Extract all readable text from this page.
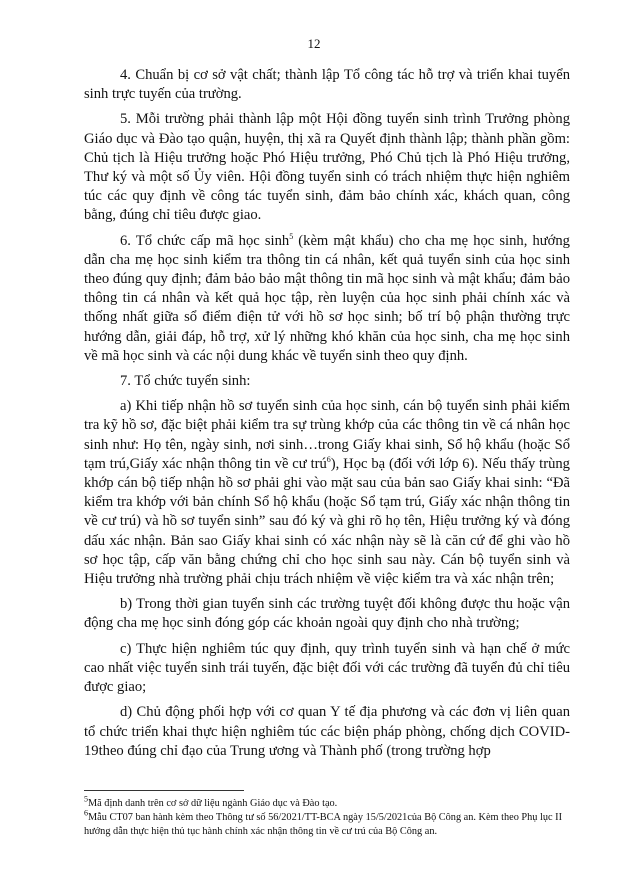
12

4. Chuẩn bị cơ sở vật chất; thành lập Tổ công tác hỗ trợ và triển khai tuyển sinh trực tuyến của trường.

5. Mỗi trường phải thành lập một Hội đồng tuyển sinh trình Trưởng phòng Giáo dục và Đào tạo quận, huyện, thị xã ra Quyết định thành lập; thành phần gồm: Chủ tịch là Hiệu trưởng hoặc Phó Hiệu trưởng, Phó Chủ tịch là Phó Hiệu trưởng, Thư ký và một số Ủy viên. Hội đồng tuyển sinh có trách nhiệm thực hiện nghiêm túc các quy định về công tác tuyển sinh, đảm bảo chính xác, khách quan, công bằng, đúng chỉ tiêu được giao.

6. Tổ chức cấp mã học $\sinh^5$ (kèm mật khẩu) cho cha mẹ học sinh, hướng dẫn cha mẹ học sinh kiểm tra thông tin cá nhân, kết quả tuyển sinh của học sinh theo đúng quy định; đảm bảo bảo mật thông tin mã học sinh và mật khẩu; đảm bảo thông tin cá nhân và kết quả học tập, rèn luyện của học sinh phải chính xác và thống nhất giữa sổ điểm điện tử với hồ sơ học sinh; bố trí bộ phận thường trực hướng dẫn, giải đáp, hỗ trợ, xử lý những khó khăn của học sinh, cha mẹ học sinh về mã học sinh và các nội dung khác về tuyển sinh theo quy định.

7. Tổ chức tuyển sinh:

a) Khi tiếp nhận hồ sơ tuyển sinh của học sinh, cán bộ tuyển sinh phải kiểm tra kỹ hồ sơ, đặc biệt phải kiểm tra sự trùng khớp của các thông tin về cá nhân học sinh như: Họ tên, ngày sinh, nơi sinh…trong Giấy khai sinh, Sổ hộ khẩu (hoặc Sổ tạm trú,Giấy xác nhận thông tin về cư trú$^6$), Học bạ (đối với lớp 6). Nếu thấy trùng khớp cán bộ tiếp nhận hồ sơ phải ghi vào mặt sau của bản sao Giấy khai sinh: “Đã kiểm tra khớp với bản chính Sổ hộ khẩu (hoặc Sổ tạm trú, Giấy xác nhận thông tin về cư trú) và hồ sơ tuyển sinh” sau đó ký và ghi rõ họ tên, Hiệu trưởng ký và đóng dấu xác nhận. Bản sao Giấy khai sinh có xác nhận này sẽ là căn cứ để ghi vào hồ sơ học tập, cấp văn bằng chứng chỉ cho học sinh sau này. Cán bộ tuyển sinh và Hiệu trưởng nhà trường phải chịu trách nhiệm về việc kiểm tra và xác nhận trên;

b) Trong thời gian tuyển sinh các trường tuyệt đối không được thu hoặc vận động cha mẹ học sinh đóng góp các khoản ngoài quy định cho nhà trường;

c) Thực hiện nghiêm túc quy định, quy trình tuyển sinh và hạn chế ở mức cao nhất việc tuyển sinh trái tuyến, đặc biệt đối với các trường đã tuyển đủ chỉ tiêu được giao;

d) Chủ động phối hợp với cơ quan Y tế địa phương và các đơn vị liên quan tổ chức triển khai thực hiện nghiêm túc các biện pháp phòng, chống dịch COVID-19theo đúng chỉ đạo của Trung ương và Thành phố (trong trường hợp

$^5$Mã định danh trên cơ sở dữ liệu ngành Giáo dục và Đào tạo.
$^6$Mẫu CT07 ban hành kèm theo Thông tư số 56/2021/TT-BCA ngày 15/5/2021của Bộ Công an. Kèm theo Phụ lục II hướng dẫn thực hiện thủ tục hành chính xác nhận thông tin về cư trú của Bộ Công an.
